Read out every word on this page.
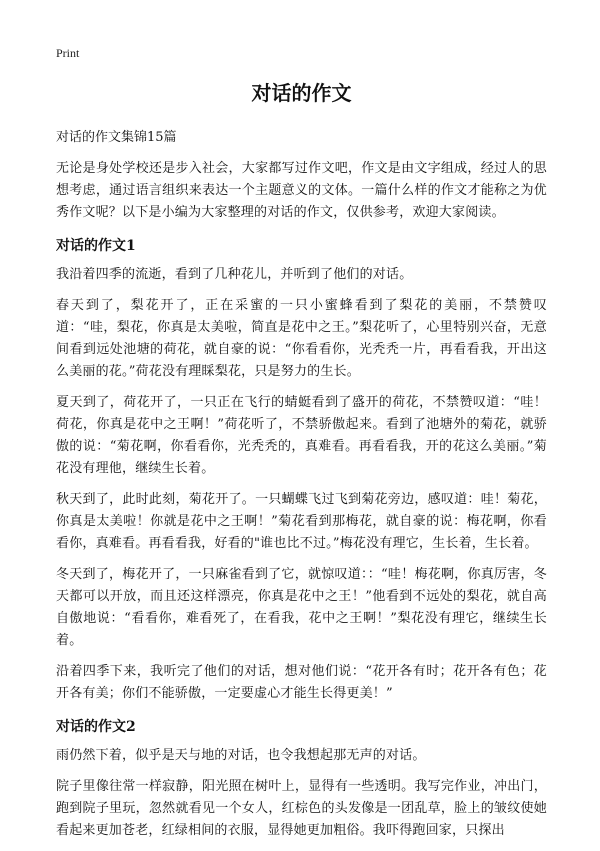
Print
对话的作文
对话的作文集锦15篇

无论是身处学校还是步入社会，大家都写过作文吧，作文是由文字组成，经过人的思想考虑，通过语言组织来表达一个主题意义的文体。一篇什么样的作文才能称之为优秀作文呢？以下是小编为大家整理的对话的作文，仅供参考，欢迎大家阅读。

对话的作文1

我沿着四季的流逝，看到了几种花儿，并听到了他们的对话。

春天到了，梨花开了，正在采蜜的一只小蜜蜂看到了梨花的美丽，不禁赞叹道：“哇，梨花，你真是太美啦，简直是花中之王。”梨花听了，心里特别兴奋，无意间看到远处池塘的荷花，就自豪的说：“你看看你，光秃秃一片，再看看我，开出这么美丽的花。”荷花没有理睬梨花，只是努力的生长。

夏天到了，荷花开了，一只正在飞行的蜻蜓看到了盛开的荷花，不禁赞叹道：“哇！荷花，你真是花中之王啊！”荷花听了，不禁骄傲起来。看到了池塘外的菊花，就骄傲的说：“菊花啊，你看看你，光秃秃的，真难看。再看看我，开的花这么美丽。”菊花没有理他，继续生长着。

秋天到了，此时此刻，菊花开了。一只蝴蝶飞过飞到菊花旁边，感叹道：哇！菊花，你真是太美啦！你就是花中之王啊！”菊花看到那梅花，就自豪的说：梅花啊，你看看你，真难看。再看看我，好看的"谁也比不过。”梅花没有理它，生长着，生长着。

冬天到了，梅花开了，一只麻雀看到了它，就惊叹道：：“哇！梅花啊，你真厉害，冬天都可以开放，而且还这样漂亮，你真是花中之王！”他看到不远处的梨花，就自高自傲地说：“看看你，难看死了，在看我，花中之王啊！”梨花没有理它，继续生长着。

沿着四季下来，我听完了他们的对话，想对他们说：“花开各有时；花开各有色；花开各有美；你们不能骄傲，一定要虚心才能生长得更美！”

对话的作文2

雨仍然下着，似乎是天与地的对话，也令我想起那无声的对话。

院子里像往常一样寂静，阳光照在树叶上，显得有一些透明。我写完作业，冲出门，跑到院子里玩，忽然就看见一个女人，红棕色的头发像是一团乱草，脸上的皱纹使她看起来更加苍老，红绿相间的衣服，显得她更加粗俗。我吓得跑回家，只探出
